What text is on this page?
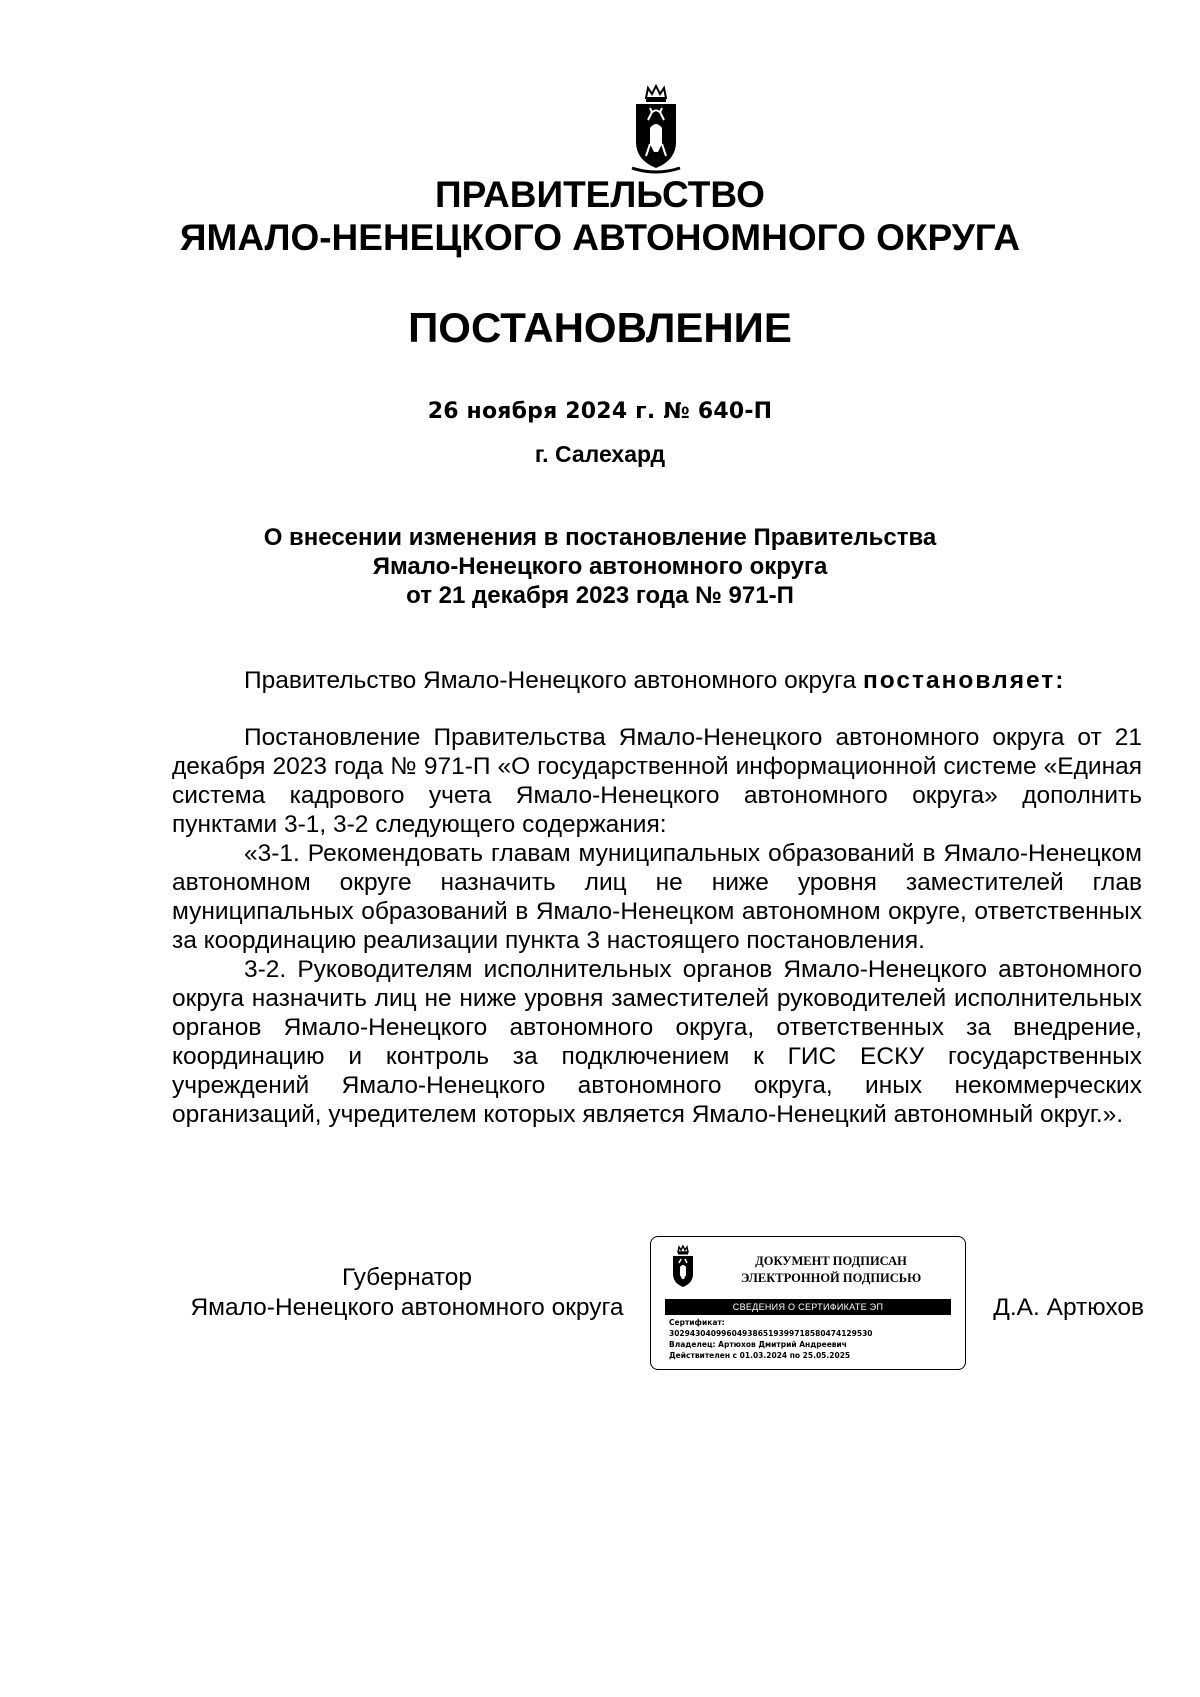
ПРАВИТЕЛЬСТВО
ЯМАЛО-НЕНЕЦКОГО АВТОНОМНОГО ОКРУГА
ПОСТАНОВЛЕНИЕ
26 ноября 2024 г. № 640-П
г. Салехард
О внесении изменения в постановление Правительства
Ямало-Ненецкого автономного округа
от 21 декабря 2023 года № 971-П
Правительство Ямало-Ненецкого автономного округа постановляет:

Постановление Правительства Ямало-Ненецкого автономного округа от 21 декабря 2023 года № 971-П «О государственной информационной системе «Единая система кадрового учета Ямало-Ненецкого автономного округа» дополнить пунктами 3-1, 3-2 следующего содержания:

«3-1. Рекомендовать главам муниципальных образований в Ямало-Ненецком автономном округе назначить лиц не ниже уровня заместителей глав муниципальных образований в Ямало-Ненецком автономном округе, ответственных за координацию реализации пункта 3 настоящего постановления.

3-2. Руководителям исполнительных органов Ямало-Ненецкого автономного округа назначить лиц не ниже уровня заместителей руководителей исполнительных органов Ямало-Ненецкого автономного округа, ответственных за внедрение, координацию и контроль за подключением к ГИС ЕСКУ государственных учреждений Ямало-Ненецкого автономного округа, иных некоммерческих организаций, учредителем которых является Ямало-Ненецкий автономный округ.».

Губернатор
Ямало-Ненецкого автономного округа
ДОКУМЕНТ ПОДПИСАН
ЭЛЕКТРОННОЙ ПОДПИСЬЮ
СВЕДЕНИЯ О СЕРТИФИКАТЕ ЭП
Сертификат:
302943040996049386519399718580474129530
Владелец: Артюхов Дмитрий Андреевич
Действителен с 01.03.2024 по 25.05.2025
Д.А. Артюхов
